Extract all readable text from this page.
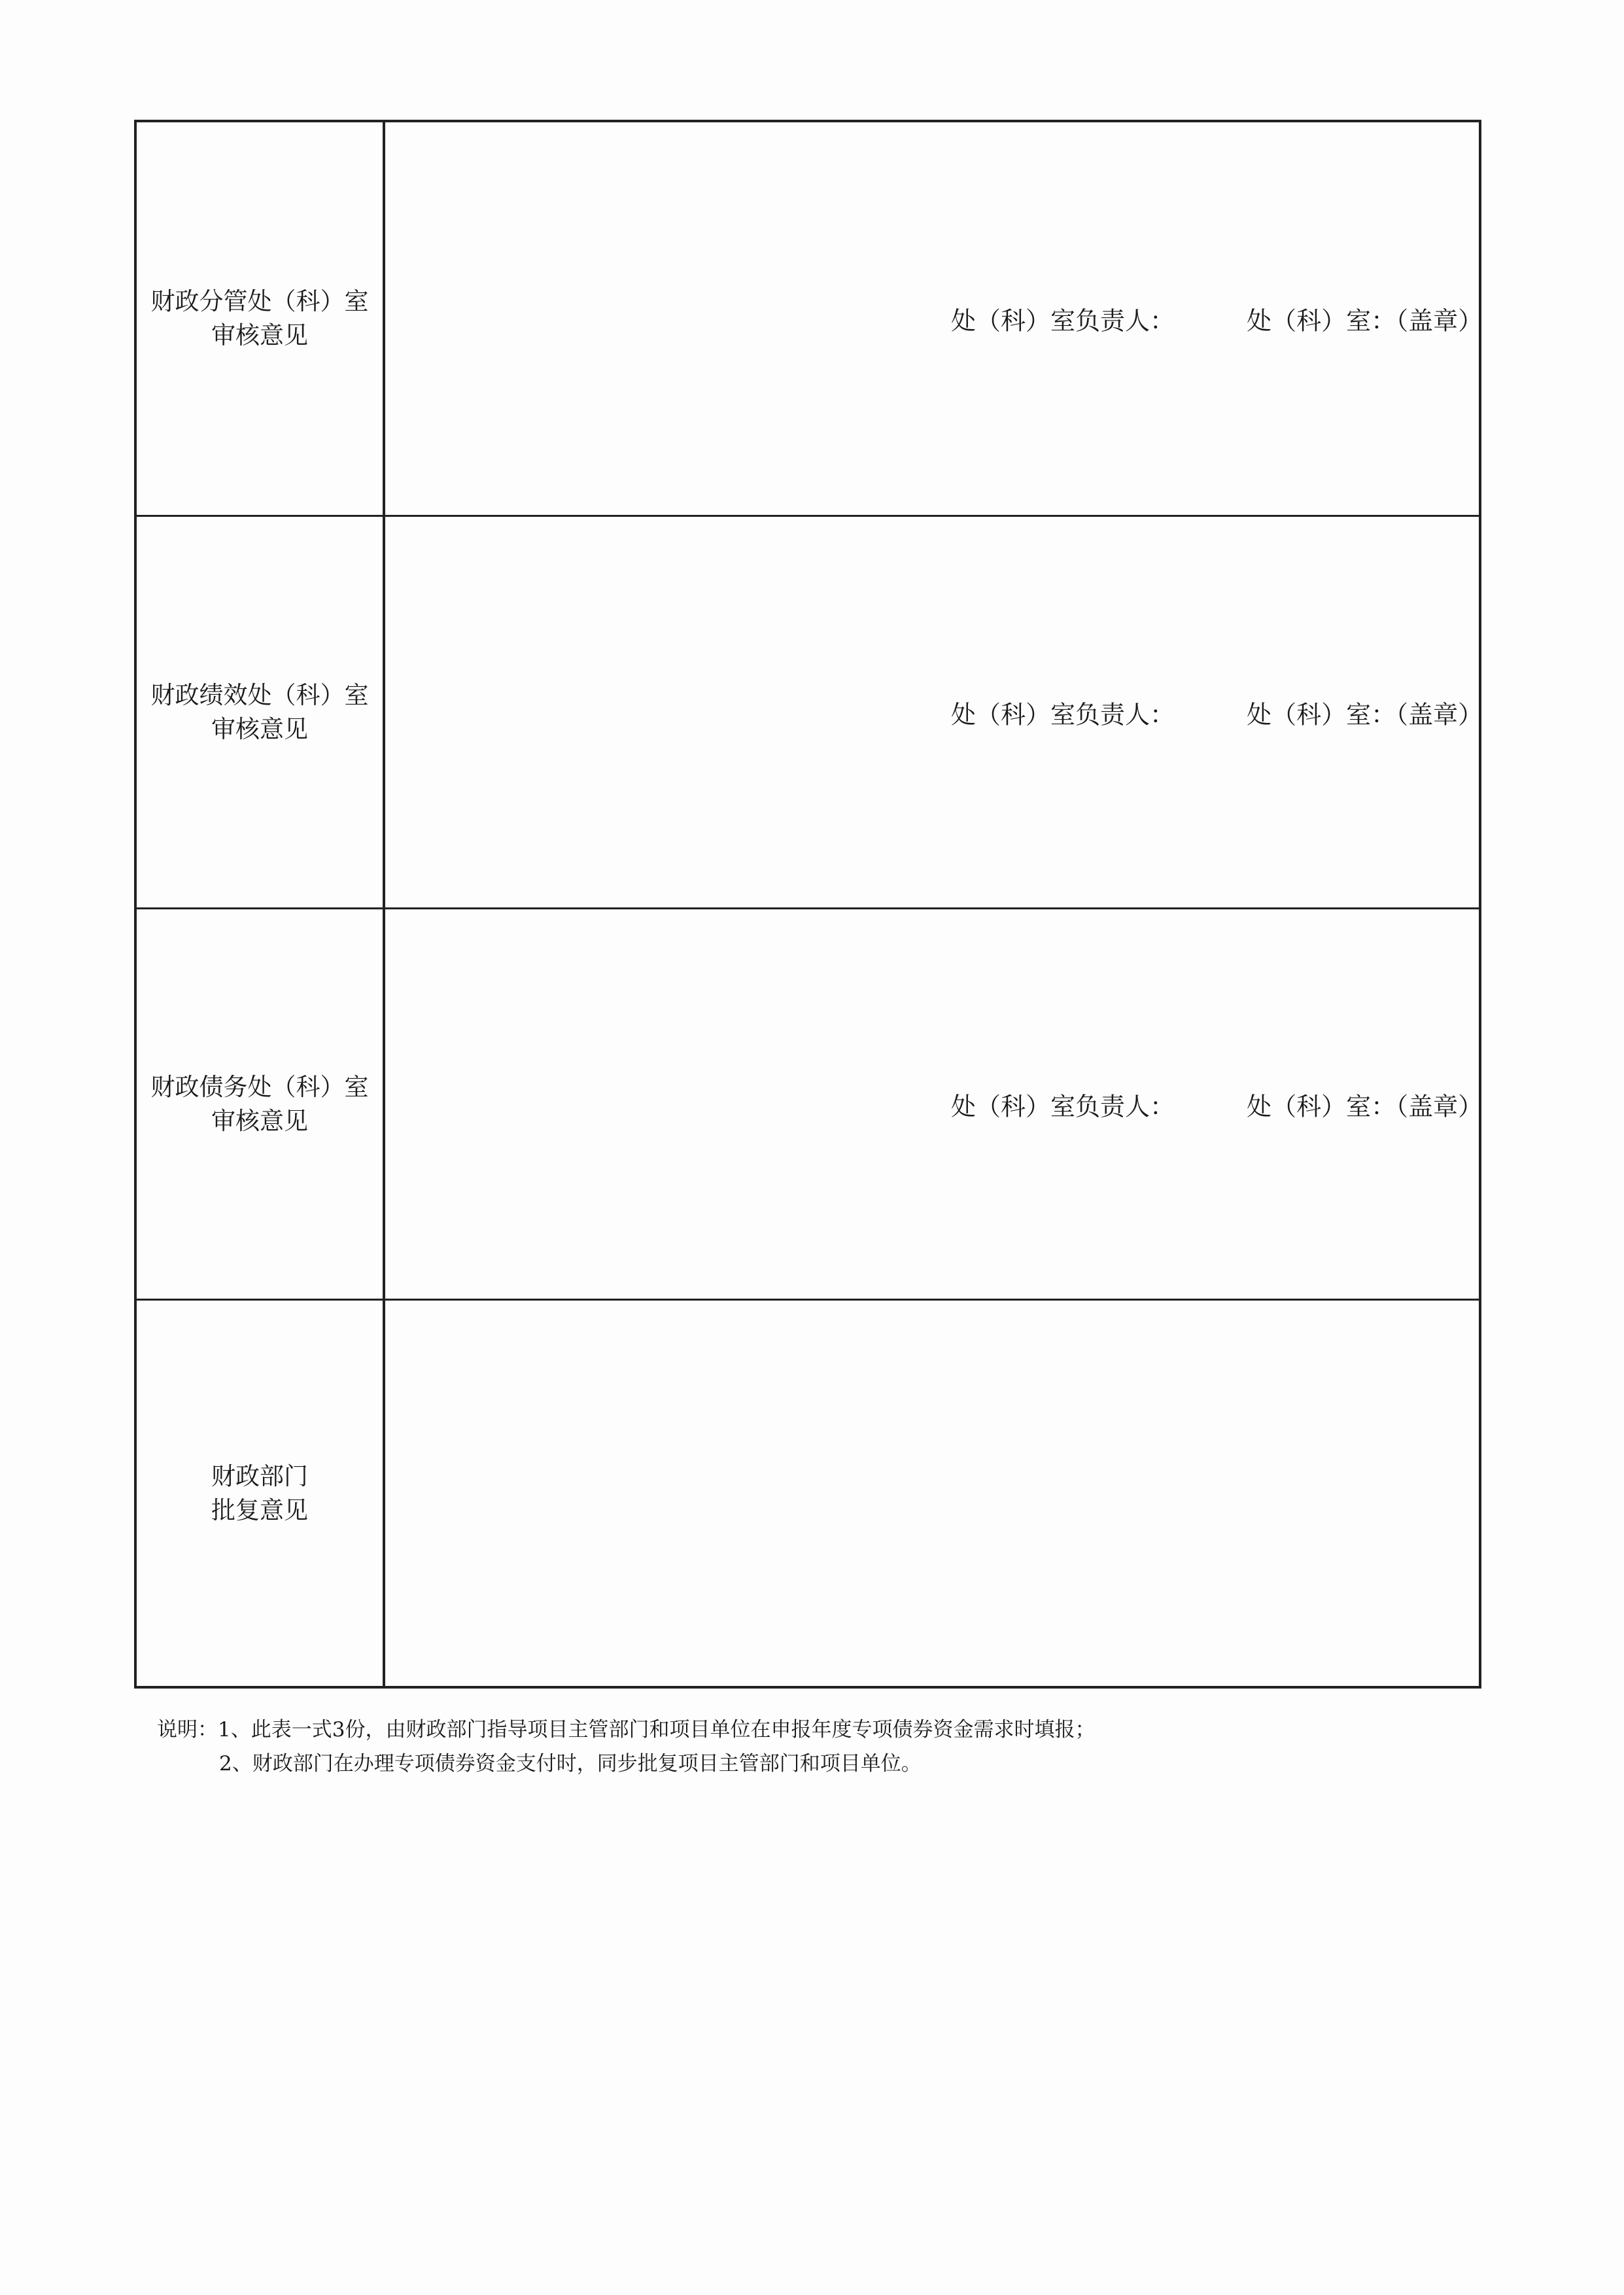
财政分管处（科）室
审核意见	处（科）室负责人：	处（科）室：（盖章）
财政绩效处（科）室
审核意见	处（科）室负责人：	处（科）室：（盖章）
财政债务处（科）室
审核意见	处（科）室负责人：	处（科）室：（盖章）
财政部门
批复意见
说明：1、此表一式3份，由财政部门指导项目主管部门和项目单位在申报年度专项债券资金需求时填报；
2、财政部门在办理专项债券资金支付时，同步批复项目主管部门和项目单位。
